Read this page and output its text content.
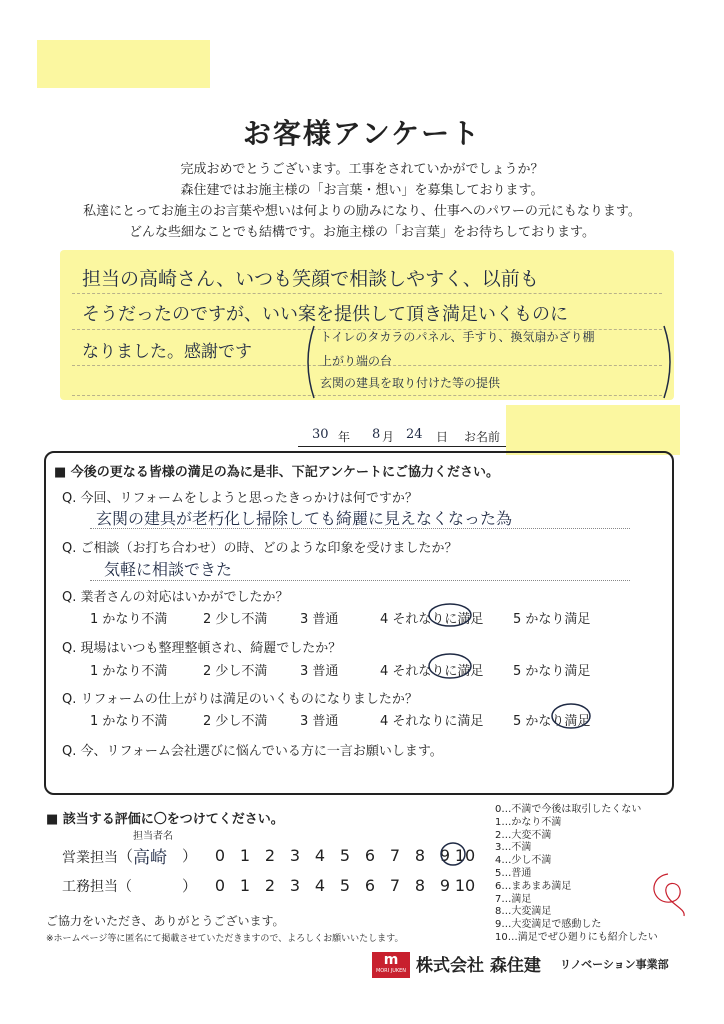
お客様アンケート
完成おめでとうございます。工事をされていかがでしょうか？
森住建ではお施主様の「お言葉・想い」を募集しております。
私達にとってお施主のお言葉や想いは何よりの励みになり、仕事へのパワーの元にもなります。
どんな些細なことでも結構です。お施主様の「お言葉」をお待ちしております。
担当の高崎さん、いつも笑顔で相談しやすく、以前も
そうだったのですが、いい案を提供して頂き満足いくものに
なりました。感謝です
トイレのタカラのパネル、手すり、換気扇かざり棚
上がり端の台
玄関の建具を取り付けた等の提供
30 年 8 月 24 日 お名前
■ 今後の更なる皆様の満足の為に是非、下記アンケートにご協力ください。
Q. 今回、リフォームをしようと思ったきっかけは何ですか？
玄関の建具が老朽化し掃除しても綺麗に見えなくなった為
Q. ご相談（お打ち合わせ）の時、どのような印象を受けましたか？
気軽に相談できた
Q. 業者さんの対応はいかがでしたか？
1 かなり不満	2 少し不満	3 普通	4 それなりに満足 5 かなり満足
Q. 現場はいつも整理整頓され、綺麗でしたか？
1 かなり不満	2 少し不満	3 普通	4 それなりに満足 5 かなり満足
Q. リフォームの仕上がりは満足のいくものになりましたか？
1 かなり不満	2 少し不満	3 普通	4 それなりに満足 5 かなり満足
Q. 今、リフォーム会社選びに悩んでいる方に一言お願いします。
■ 該当する評価に〇をつけてください。
担当者名
営業担当 （ 高崎 ） 0 1 2 3 4 5 6 7 8 9 10
工務担当（	） 0 1 2 3 4 5 6 7 8 9 10
0…不満で今後は取引したくない
1…かなり不満
2…大変不満
3…不満
4…少し不満
5…普通
6…まあまあ満足
7…満足
8…大変満足
9…大変満足で感動した
10…満足でぜひ廻りにも紹介したい
ご協力をいただき、ありがとうございます。
※ホームページ等に匿名にて掲載させていただきますので、よろしくお願いいたします。
m
MORI JUKEN 株式会社 森住建 リノベーション事業部
